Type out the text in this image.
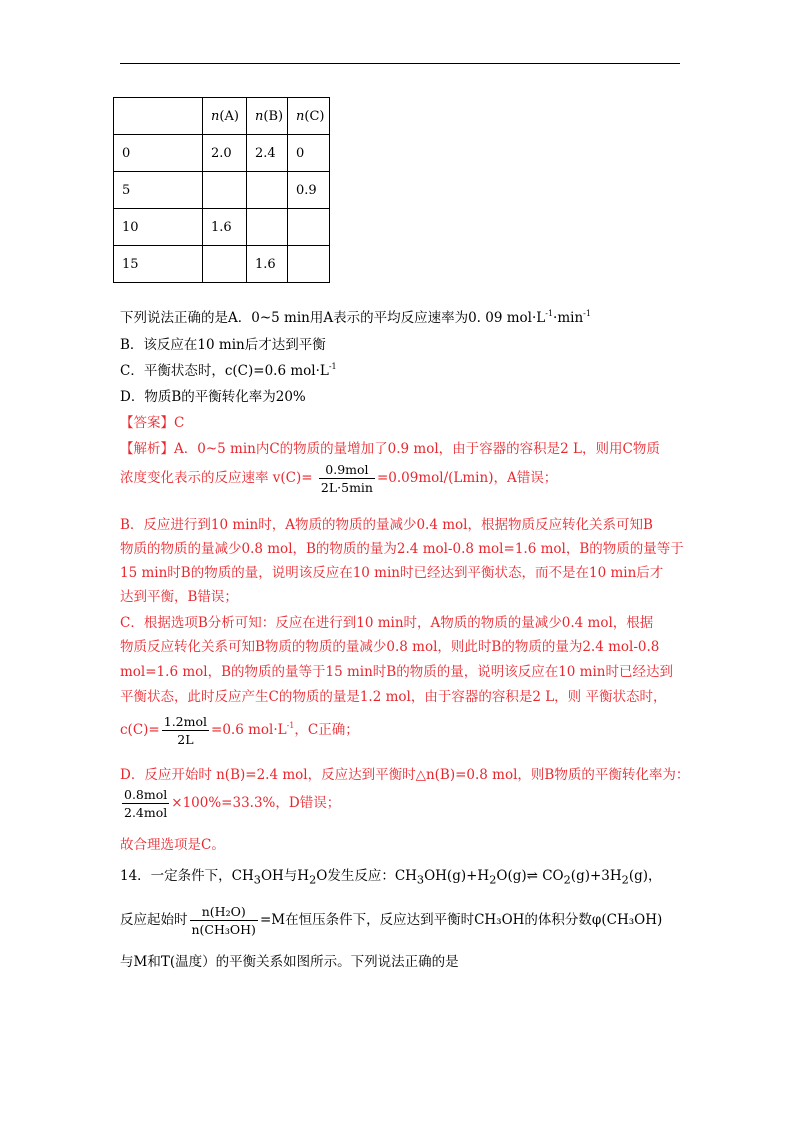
	n(A)	n(B)	n(C)
0	2.0	2.4	0
5			0.9
10	1.6		
15		1.6	
下列说法正确的是A．0~5 min用A表示的平均反应速率为0. 09 $mol\cdot L^{-1}\cdot\min^{-1}$
B．该反应在10 min后才达到平衡
C．平衡状态时，c(C)=0.6 $mol\cdot L^{-1}$
D．物质B的平衡转化率为20%
【答案】C
【解析】A．0~5 min内C的物质的量增加了0.9 mol，由于容器的容积是2 L，则用C物质
浓度变化表示的反应速率 $v(C)= \frac{\text{0.9mol}}{2L\cdot 5\min} =0.09mol/(Lmin)$，A错误；
B．反应进行到10 min时，A物质的物质的量减少0.4 mol，根据物质反应转化关系可知B
物质的物质的量减少0.8 mol，B的物质的量为2.4 mol-0.8 mol=1.6 mol，B的物质的量等于
15 min时B的物质的量，说明该反应在10 min时已经达到平衡状态，而不是在10 min后才
达到平衡，B错误；
C．根据选项B分析可知：反应在进行到10 min时，A物质的物质的量减少0.4 mol，根据
物质反应转化关系可知B物质的物质的量减少0.8 mol，则此时B的物质的量为2.4 mol-0.8
mol=1.6 mol，B的物质的量等于15 min时B的物质的量，说明该反应在10 min时已经达到
平衡状态，此时反应产生C的物质的量是1.2 mol，由于容器的容积是2 L，则 平衡状态时，
$c(C)= \frac{\text{1.2mol}}{2L} =0.6$ $mol\cdot L^{-1}$，C正确；
D．反应开始时 n(B)=2.4 mol，反应达到平衡时△n(B)=0.8 mol，则B物质的平衡转化率为：
$\frac{\text{0.8mol}}{\text{2.4mol}} \times 100\%=33.3\%$，D错误；
故合理选项是C。
14．一定条件下，$CH_3OH$与$H_2O$发生反应：$CH_3OH(g)+H_2O(g)\rightleftharpoons$ $CO_2(g)+3H_2(g)$，
反应起始时 $\frac{\text{n(H₂O)}}{\text{n(CH₃OH)}} =M$在恒压条件下，反应达到平衡时CH₃OH的体积分数φ(CH₃OH)
与M和T(温度）的平衡关系如图所示。下列说法正确的是
